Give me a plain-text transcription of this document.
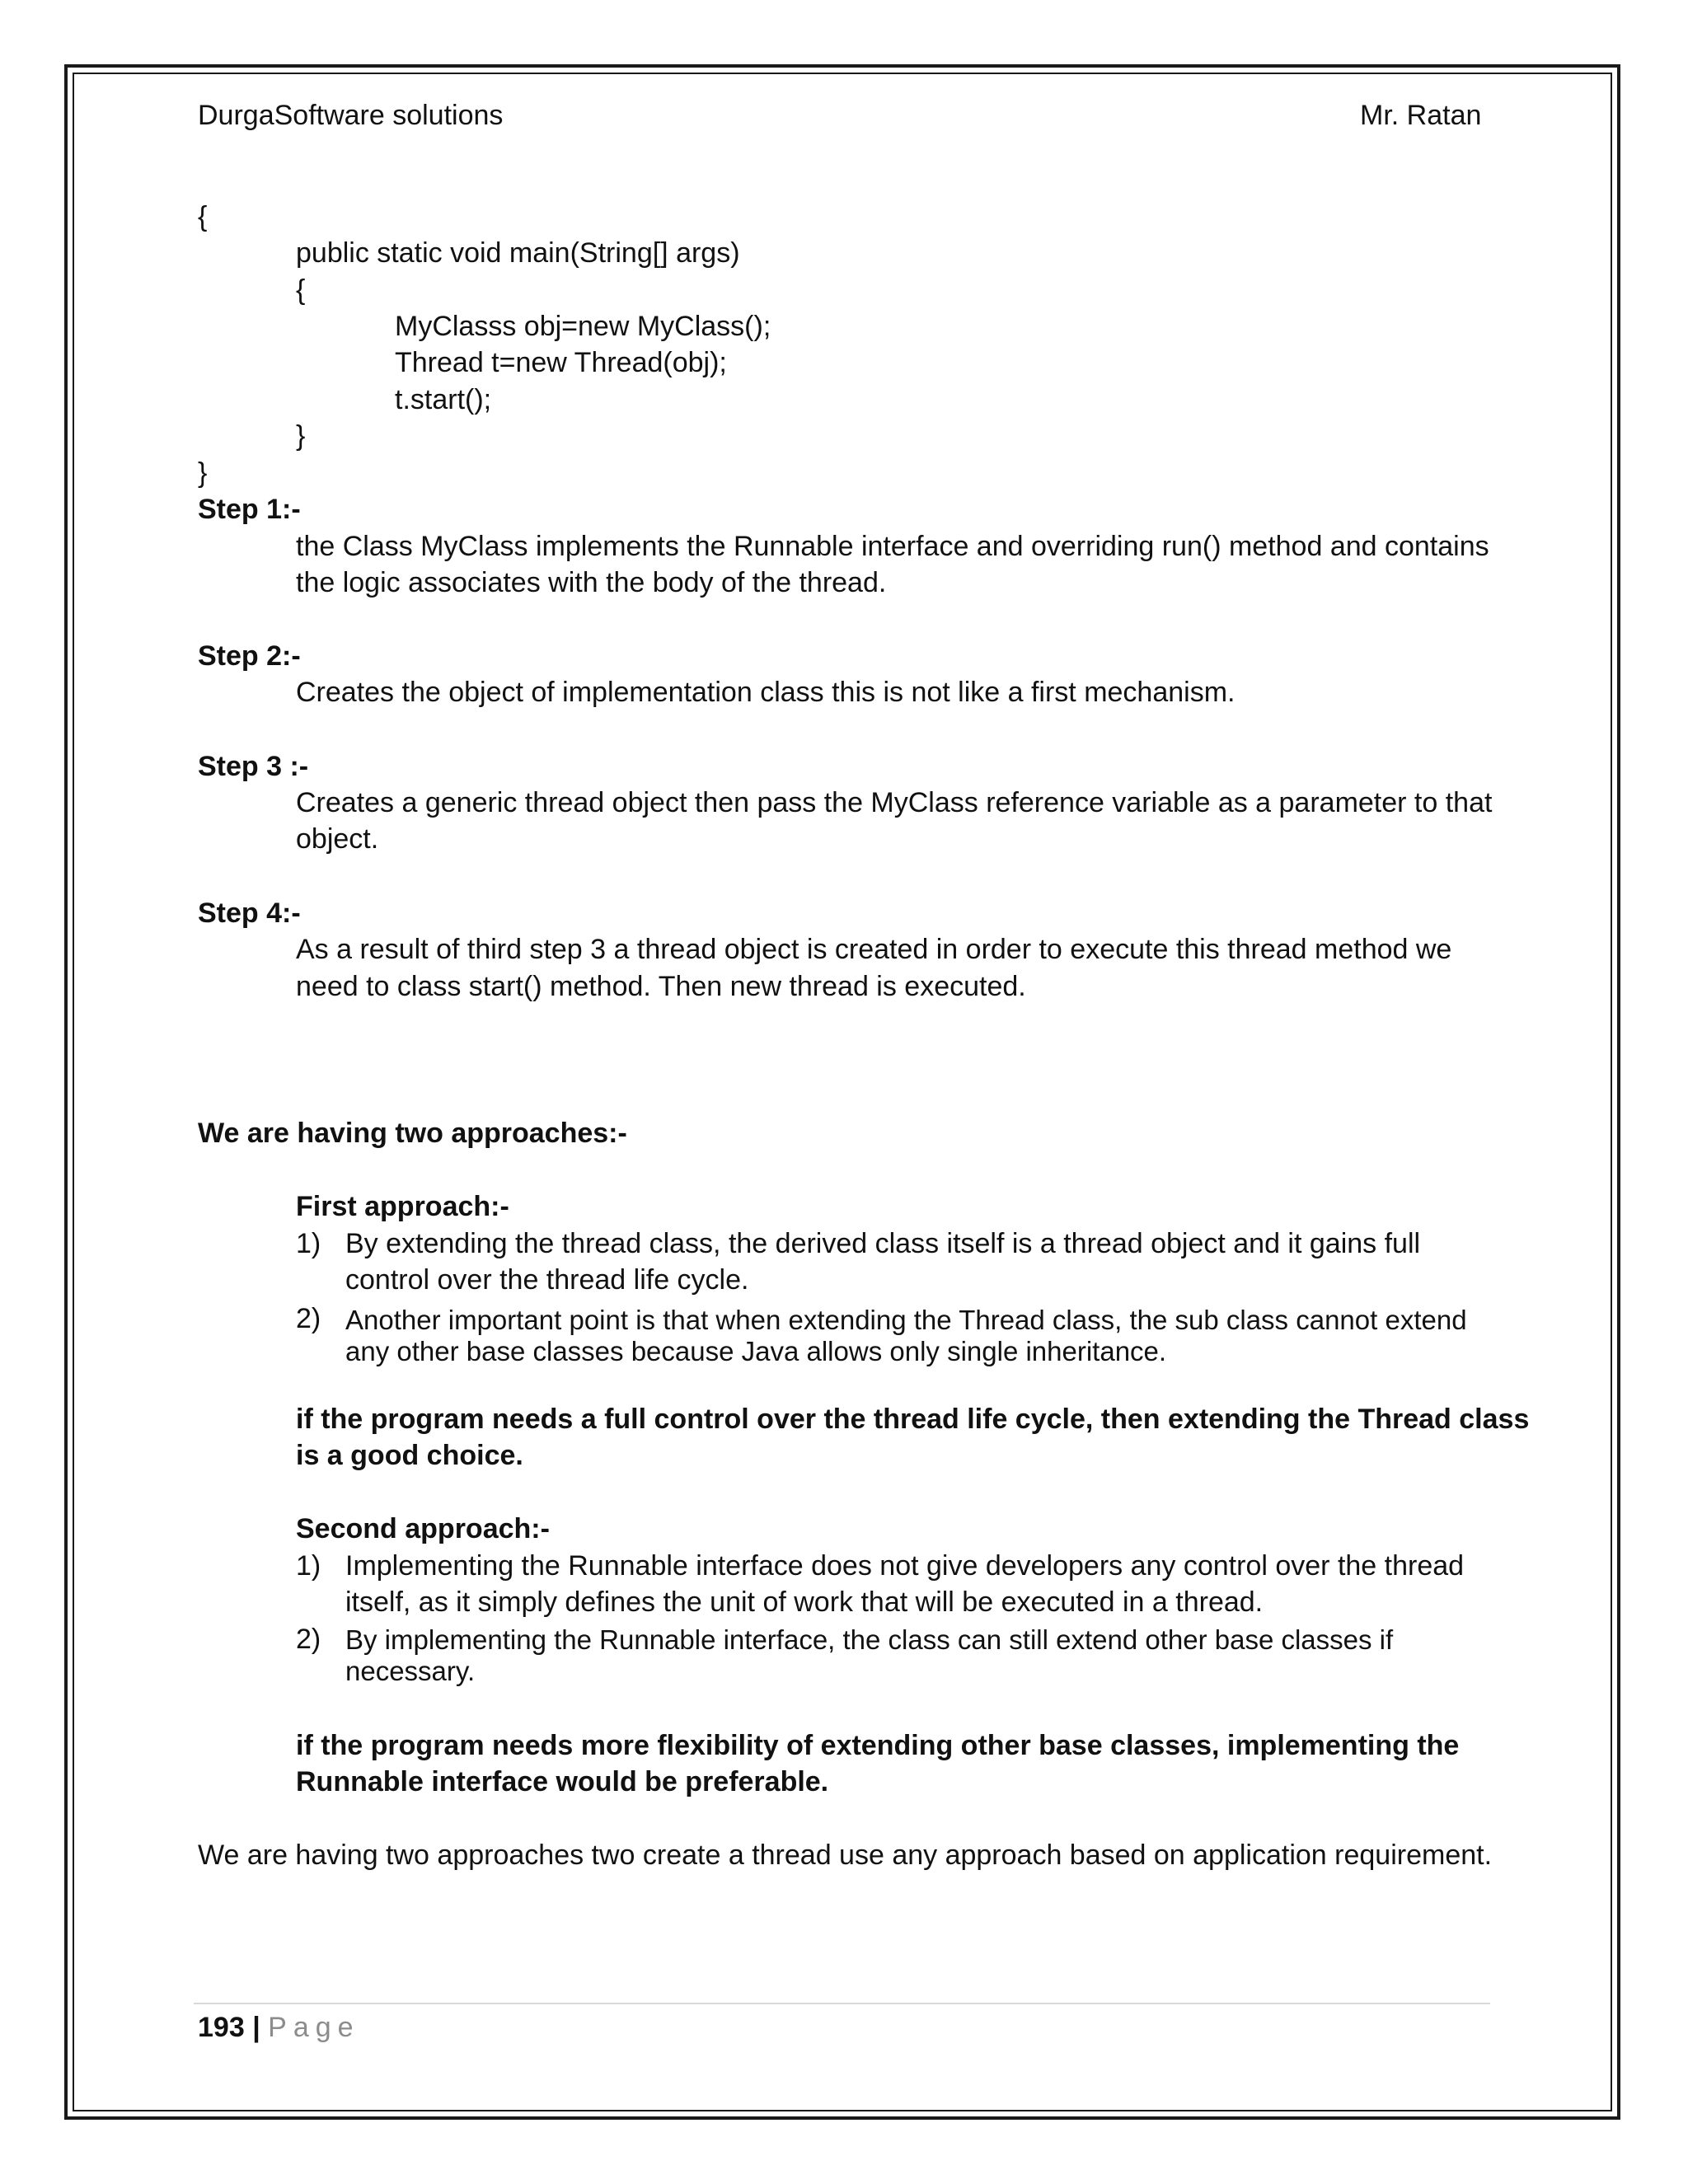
DurgaSoftware solutions	Mr. Ratan
{
public static void main(String[] args)
{
MyClasss obj=new MyClass();
Thread t=new Thread(obj);
t.start();
}
}
Step 1:-
the Class MyClass implements the Runnable interface and overriding run() method and contains
the logic associates with the body of the thread.
Step 2:-
Creates the object of implementation class this is not like a first mechanism.
Step 3 :-
Creates a generic thread object then pass the MyClass reference variable as a parameter to that
object.
Step 4:-
As a result of third step 3 a thread object is created in order to execute this thread method we
need to class start() method. Then new thread is executed.
We are having two approaches:-
First approach:-
1) By extending the thread class, the derived class itself is a thread object and it gains full
control over the thread life cycle.
2) Another important point is that when extending the Thread class, the sub class cannot extend
any other base classes because Java allows only single inheritance.
if the program needs a full control over the thread life cycle, then extending the Thread class
is a good choice.
Second approach:-
1) Implementing the Runnable interface does not give developers any control over the thread
itself, as it simply defines the unit of work that will be executed in a thread.
2) By implementing the Runnable interface, the class can still extend other base classes if
necessary.
if the program needs more flexibility of extending other base classes, implementing the
Runnable interface would be preferable.
We are having two approaches two create a thread use any approach based on application requirement.
193 | Page
